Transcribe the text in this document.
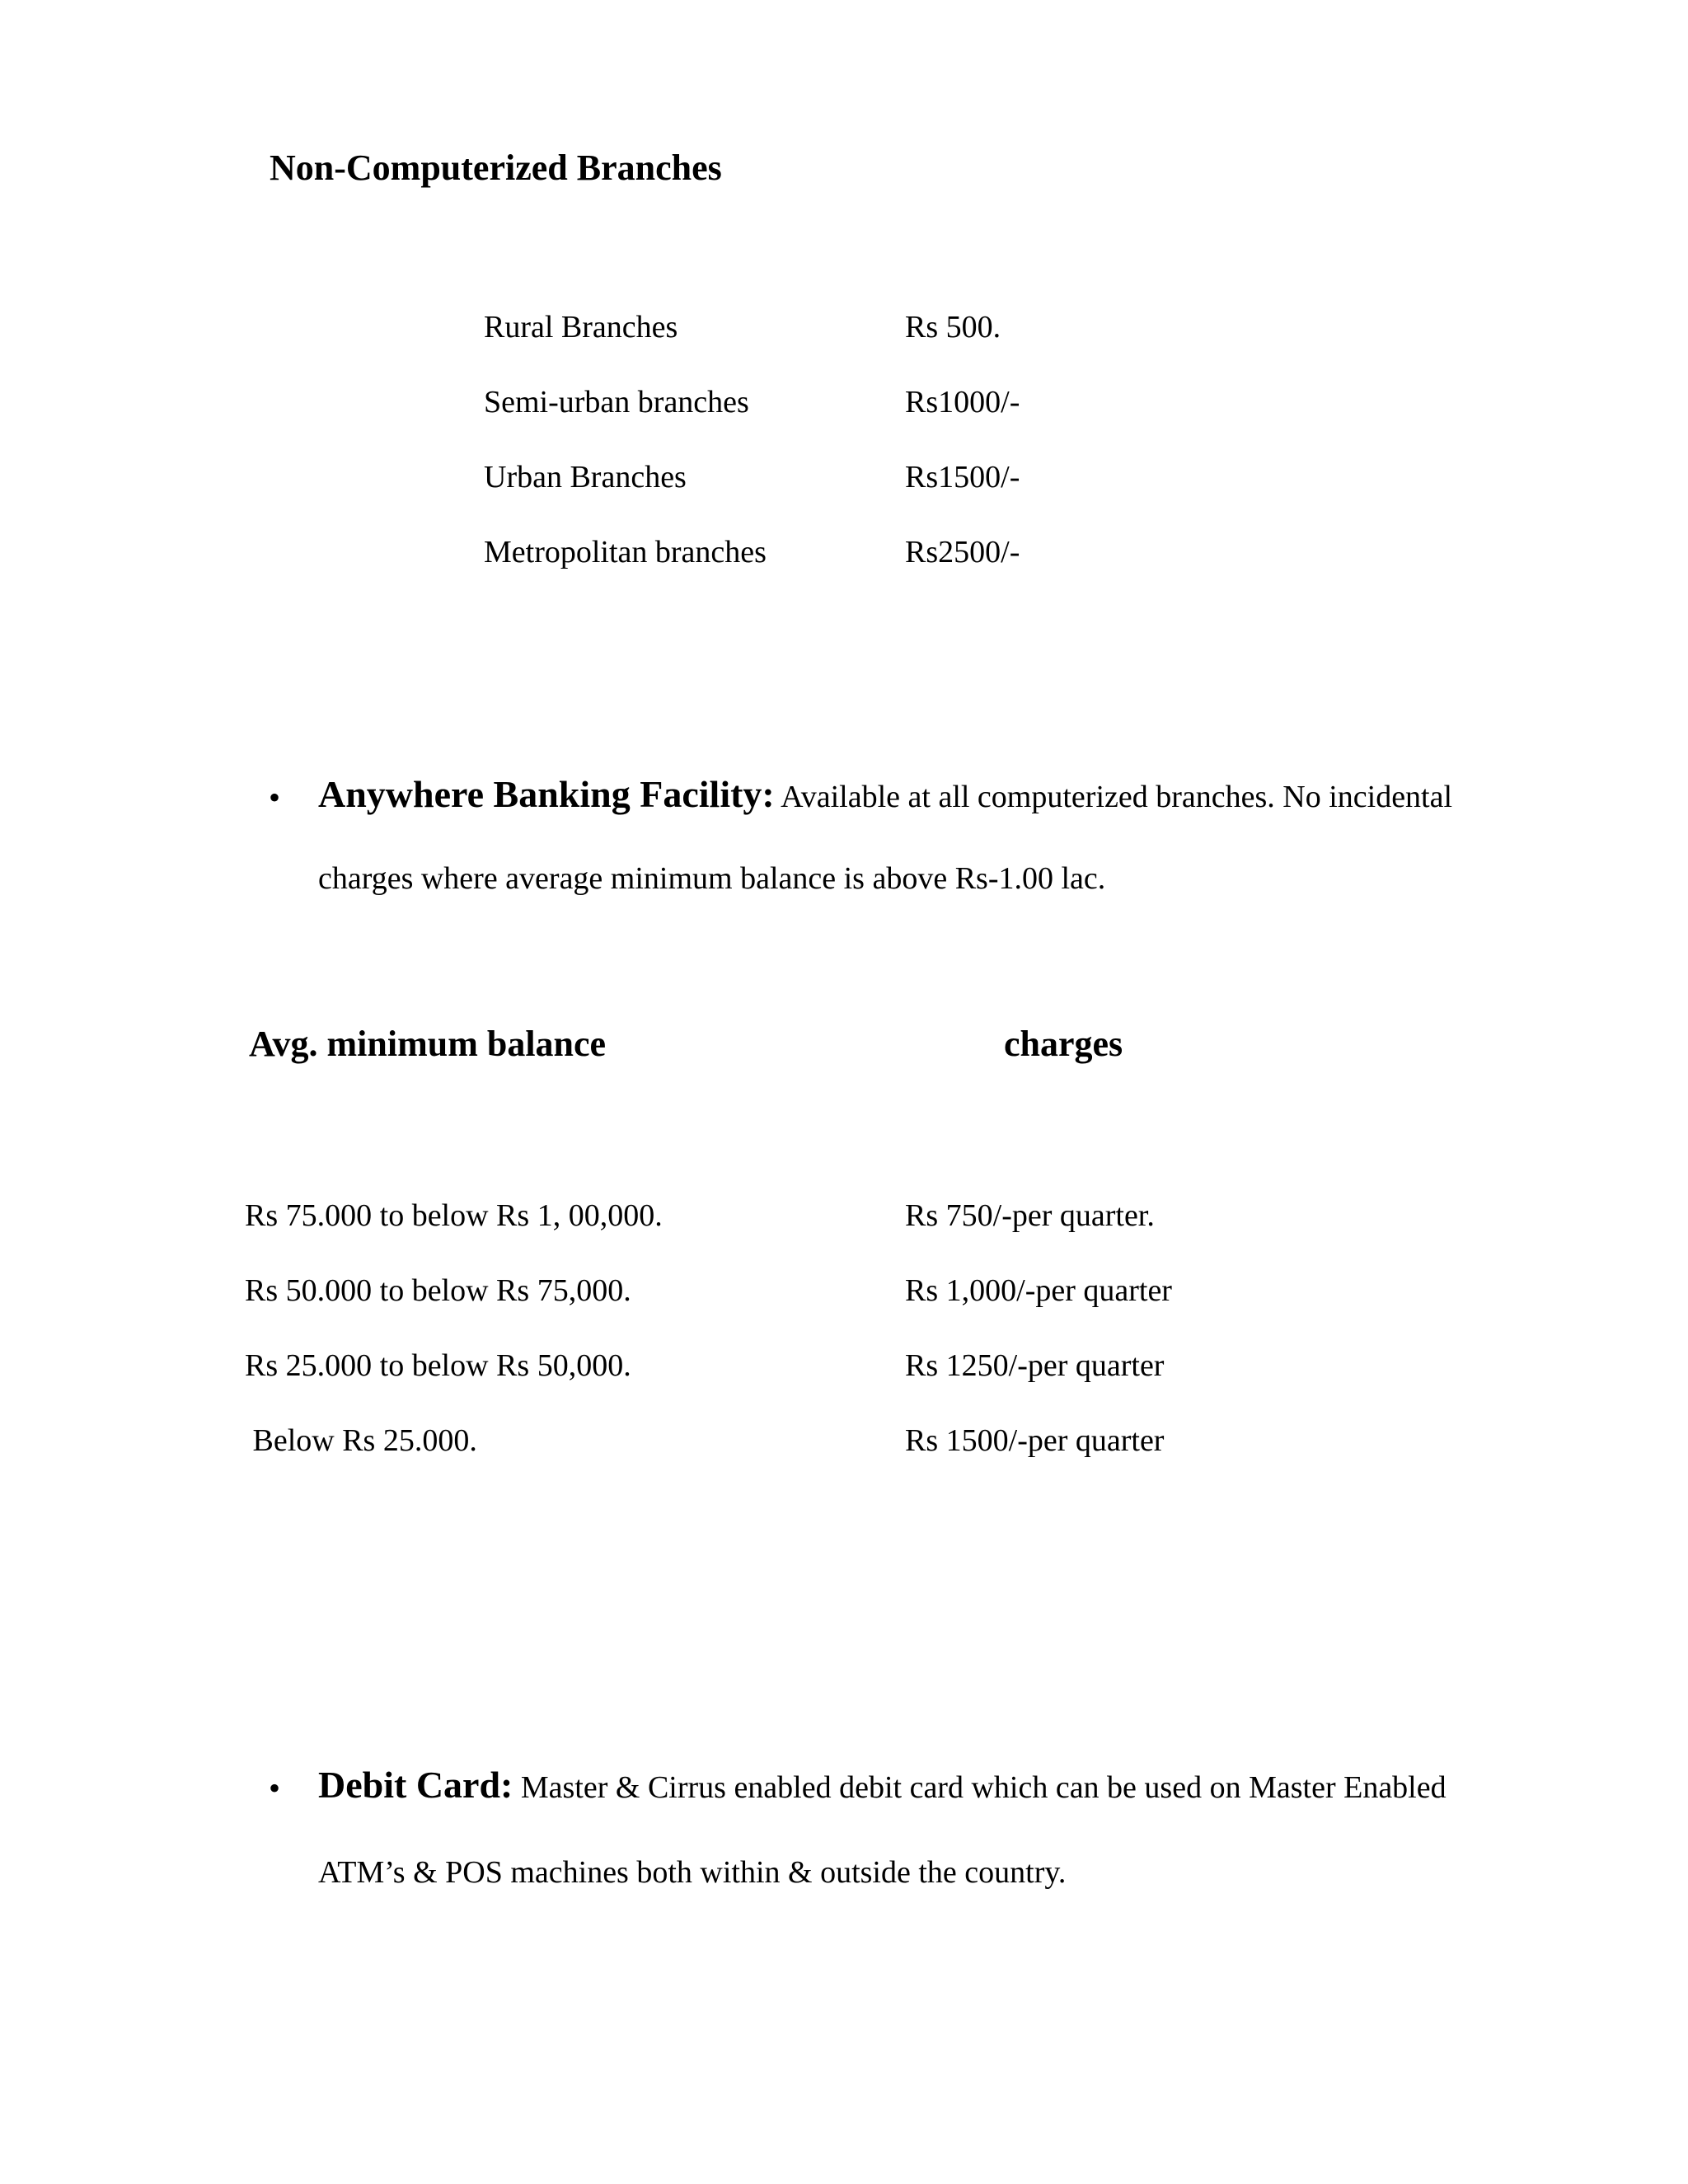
Non-Computerized Branches
Rural Branches	Rs 500.
Semi-urban branches	Rs1000/-
Urban Branches	Rs1500/-
Metropolitan branches	Rs2500/-
• Anywhere Banking Facility: Available at all computerized branches. No incidental
charges where average minimum balance is above Rs-1.00 lac.
Avg. minimum balance	charges
Rs 75.000 to below Rs 1, 00,000.	Rs 750/-per quarter.
Rs 50.000 to below Rs 75,000.	Rs 1,000/-per quarter
Rs 25.000 to below Rs 50,000.	Rs 1250/-per quarter
Below Rs 25.000.	Rs 1500/-per quarter
• Debit Card: Master & Cirrus enabled debit card which can be used on Master Enabled
ATM’s & POS machines both within & outside the country.
